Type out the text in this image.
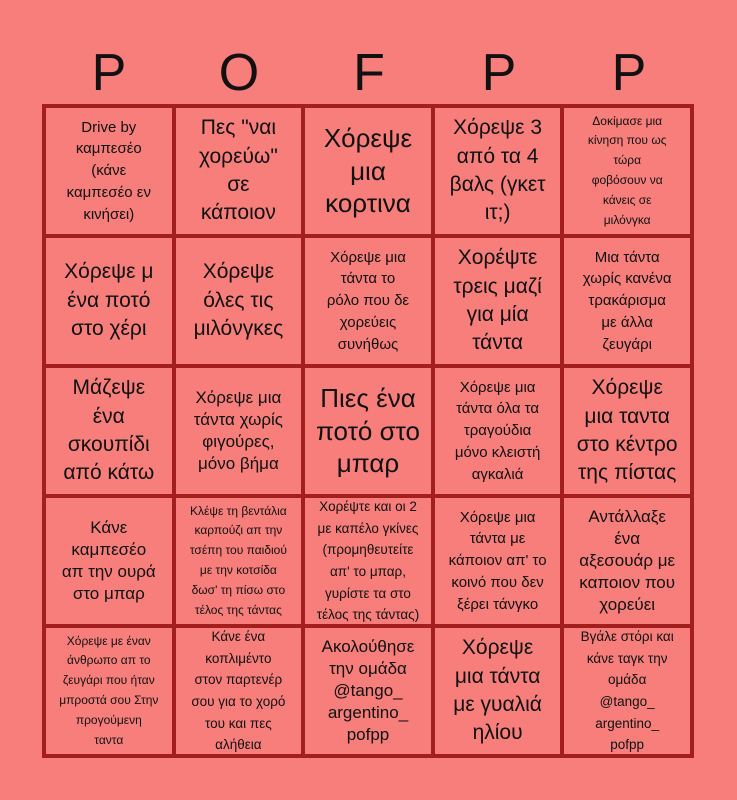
P	O	F	P	P
Drive by
καμπεσέο
(κάνε
καμπεσέο εν
κινήσει)
Πες "ναι
χορεύω"
σε
κάποιον
Χόρεψε
μια
κορτινα
Χόρεψε 3
από τα 4
βαλς (γκετ
ιτ;)
Δοκίμασε μια
κίνηση που ως
τώρα
φοβόσουν να
κάνεις σε
μιλόνγκα
Χόρεψε μ
ένα ποτό
στο χέρι
Χόρεψε
όλες τις
μιλόνγκες
Χόρεψε μια
τάντα το
ρόλο που δε
χορεύεις
συνήθως
Χορέψτε
τρεις μαζί
για μία
τάντα
Μια τάντα
χωρίς κανένα
τρακάρισμα
με άλλα
ζευγάρι
Μάζεψε
ένα
σκουπίδι
από κάτω
Χόρεψε μια
τάντα χωρίς
φιγούρες,
μόνο βήμα
Πιες ένα
ποτό στο
μπαρ
Χόρεψε μια
τάντα όλα τα
τραγούδια
μόνο κλειστή
αγκαλιά
Χόρεψε
μια ταντα
στο κέντρο
της πίστας
Κάνε
καμπεσέο
απ την ουρά
στο μπαρ
Κλέψε τη βεντάλια
καρπούζι απ την
τσέπη του παιδιού
με την κοτσίδα
δωσ' τη πίσω στο
τέλος της τάντας
Χορέψτε και οι 2
με καπέλο γκίνες
(προμηθευτείτε
απ' το μπαρ,
γυρίστε τα στο
τέλος της τάντας)
Χόρεψε μια
τάντα με
κάποιον απ' το
κοινό που δεν
ξέρει τάνγκο
Αντάλλαξε
ένα
αξεσουάρ με
καποιον που
χορεύει
Χόρεψε με έναν
άνθρωπο απ το
ζευγάρι που ήταν
μπροστά σου Στην
προγούμενη
ταντα
Κάνε ένα
κοπλιμέντο
στον παρτενέρ
σου για το χορό
του και πες
αλήθεια
Ακολούθησε
την ομάδα
@tango_
argentino_
pofpp
Χόρεψε
μια τάντα
με γυαλιά
ηλίου
Βγάλε στόρι και
κάνε ταγκ την
ομάδα
@tango_
argentino_
pofpp
